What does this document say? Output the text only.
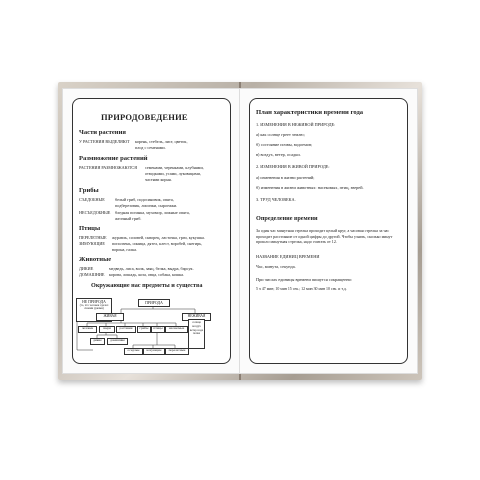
ПРИРОДОВЕДЕНИЕ
Части растения
У РАСТЕНИЯ ВЫДЕЛЯЮТ корень, стебель, лист, цветок,
плод с семенами.
Размножение растений
РАСТЕНИЯ РАЗМНОЖАЮТСЯ семенами, черенками, клубнями,
отводками, усами, луковицами,
частями корня.
Грибы
СЪЕДОБНЫЕ белый гриб, подосиновик, опята,
подберезовик, лисички, сыроежки.
НЕСЪЕДОБНЫЕ бледная поганка, мухомор, ложные опята,
желчный гриб.
Птицы
ПЕРЕЛЕТНЫЕ журавль, соловей, скворец, ласточка, грач, кукушка.
ЗИМУЮЩИЕ поползень, синица, дятел, клест, воробей, снегирь,
ворона, галка.
Животные
ДИКИЕ	медведь, лиса, волк, заяц, белка, выдра, барсук.
ДОМАШНИЕ корова, лошадь, коза, овца, собака, кошка.
Окружающие нас предметы и существа
НЕ ПРИРОДА
(то, что человек сделал своими руками)
ПРИРОДА
ЖИВАЯ	НЕЖИВАЯ
солнце воздух ветер вода почва
человек	звери	растения	грибы	птицы	насекомые
дикие	домашние
оседлые	кочующие	перелетные
План характеристики времени года
1. ИЗМЕНЕНИЯ В НЕЖИВОЙ ПРИРОДЕ:
а) как солнце греет землю;
б) состояние почвы, водоемов;
в) воздух, ветер, осадки.
2. ИЗМЕНЕНИЯ В ЖИВОЙ ПРИРОДЕ:
а) изменения в жизни растений;
б) изменения в жизни животных: насекомых, птиц, зверей.
3. ТРУД ЧЕЛОВЕКА.
Определение времени
За один час минутная стрелка проходит целый круг, а часовая стрелка за час проходит расстояние от одной цифры до другой. Чтобы узнать, сколько минут прошло минутная стрелка, надо считать от 12.
НАЗВАНИЕ ЕДИНИЦ ВРЕМЕНИ
Час, минута, секунда.
При числах единицы времени пишутся сокращенно:
5 ч 47 мин; 10 мин 15 сек.; 12 мин 30 мин 10 сек. и т.д.
